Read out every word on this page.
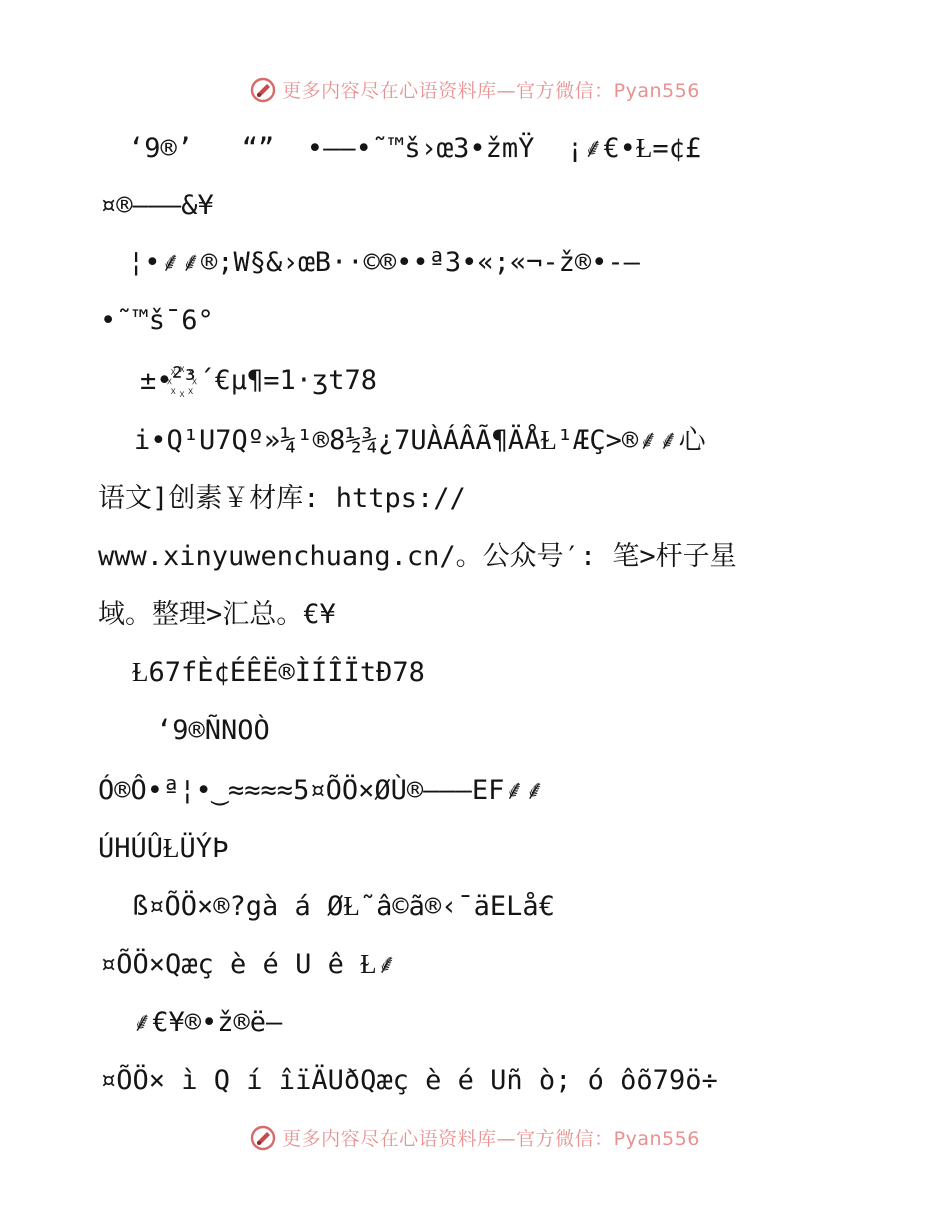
更多内容尽在心语资料库—官方微信：Pyan556
‘9®’   “”  •–—•˜™š›œ3•žmŸ  ¡⸙€•Ɫ=¢£
¤®———&¥
¦•⸙⸙®;W§&›œB··©®••ª3•«;«¬-ž®•-—
•˜™š¯6°
±•²꙰³´€µ¶=1·ʒt78
i•Q¹U7Qº»¼¹®8½¾¿7UÀÁÂÃ¶ÄÅⱢ¹ÆÇ>®⸙⸙心
语文]创素￥材库: https://
www.xinyuwenchuang.cn/。公众号′: 笔>杆子星
域。整理>汇总。€¥
Ɫ67fÈ¢ÉÊË®ÌÍÎÏtÐ78
‘9®ÑNOÒ
Ó®Ô•ª¦•‿≈≈≈≈5¤ÕÖ×ØÙ®———EF⸙⸙
ÚHÚÛⱢÜÝÞ
ß¤ÕÖ×®?gà á ØⱢ˜â©ã®‹¯äELå€
¤ÕÖ×Qæç è é U ê Ɫ⸙
⸙€¥®•ž®ë–
¤ÕÖ× ì Q í îïÄUðQæç è é Uñ ò; ó ôõ79ö÷
更多内容尽在心语资料库—官方微信：Pyan556
